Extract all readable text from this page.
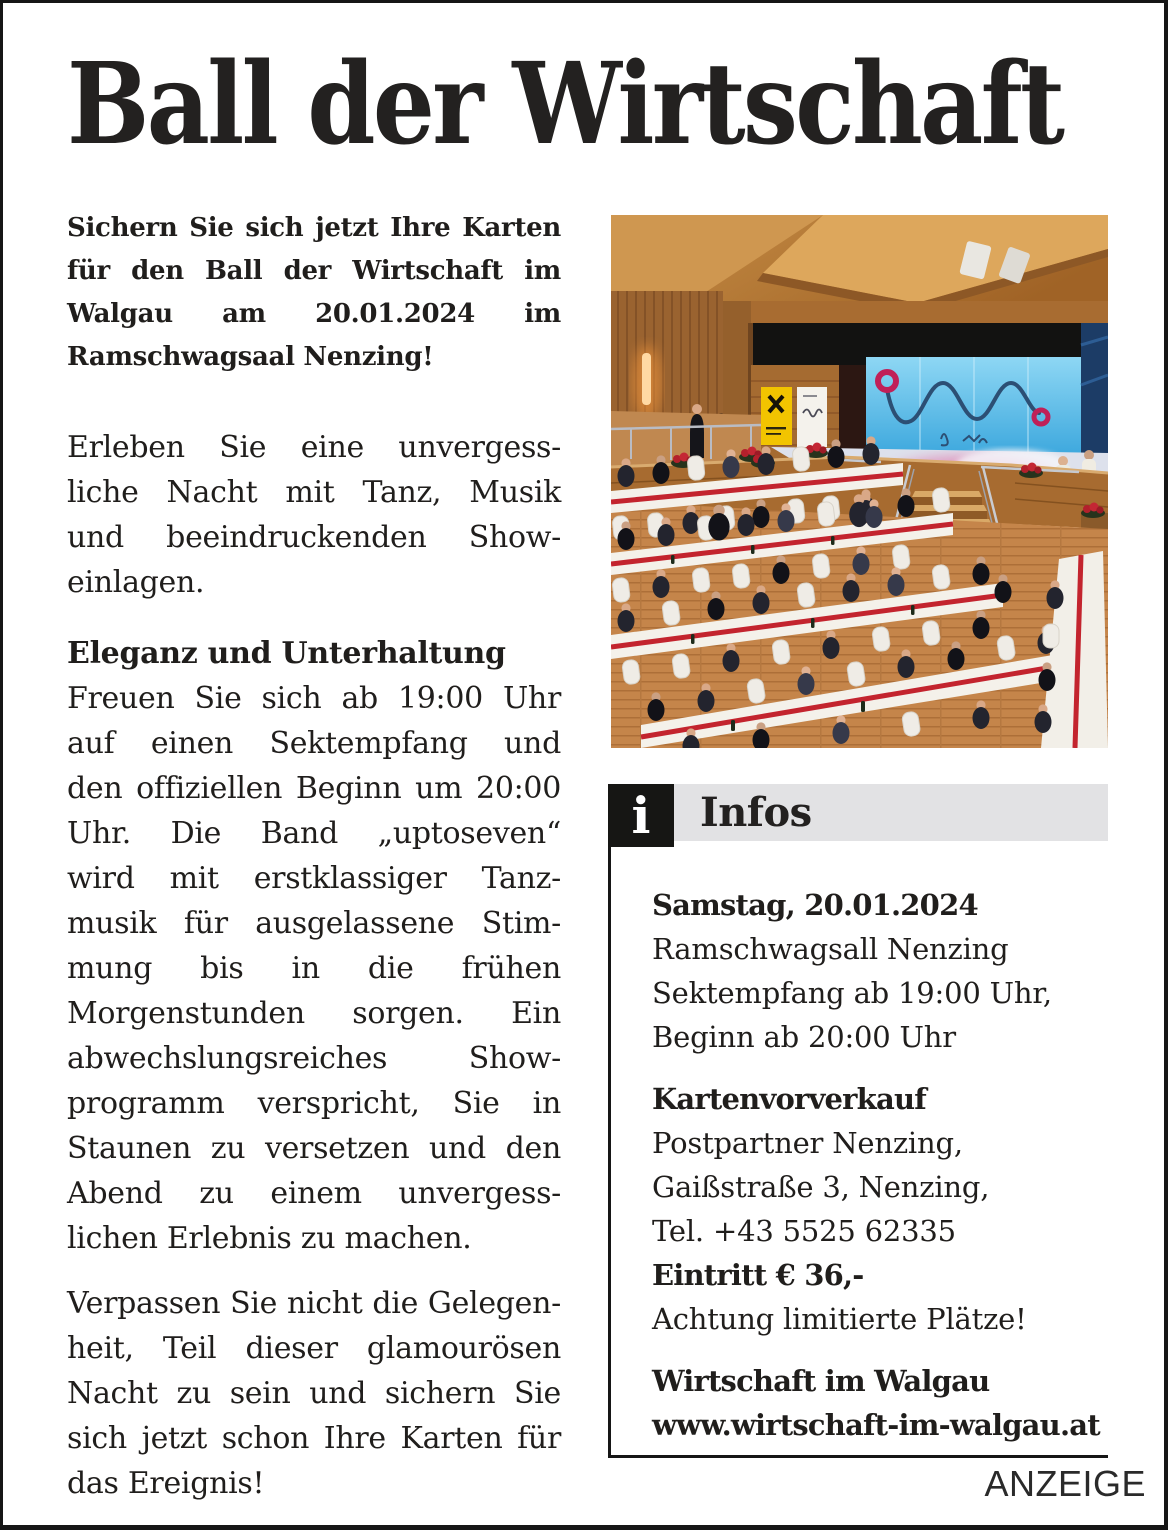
Ball der Wirtschaft
Sichern Sie sich jetzt Ihre Karten
für den Ball der Wirtschaft im
Walgau am 20.01.2024 im
Ramschwagsaal Nenzing!
Erleben Sie eine unvergess-
liche Nacht mit Tanz, Musik
und beeindruckenden Show-
einlagen.
Eleganz und Unterhaltung
Freuen Sie sich ab 19:00 Uhr
auf einen Sektempfang und
den offiziellen Beginn um 20:00
Uhr. Die Band „uptoseven“
wird mit erstklassiger Tanz-
musik für ausgelassene Stim-
mung bis in die frühen
Morgenstunden sorgen. Ein
abwechslungsreiches Show-
programm verspricht, Sie in
Staunen zu versetzen und den
Abend zu einem unvergess-
lichen Erlebnis zu machen.
Verpassen Sie nicht die Gelegen-
heit, Teil dieser glamourösen
Nacht zu sein und sichern Sie
sich jetzt schon Ihre Karten für
das Ereignis!
i Infos
Samstag, 20.01.2024
Ramschwagsall Nenzing
Sektempfang ab 19:00 Uhr,
Beginn ab 20:00 Uhr
Kartenvorverkauf
Postpartner Nenzing,
Gaißstraße 3, Nenzing,
Tel. +43 5525 62335
Eintritt € 36,-
Achtung limitierte Plätze!
Wirtschaft im Walgau
www.wirtschaft-im-walgau.at
ANZEIGE
